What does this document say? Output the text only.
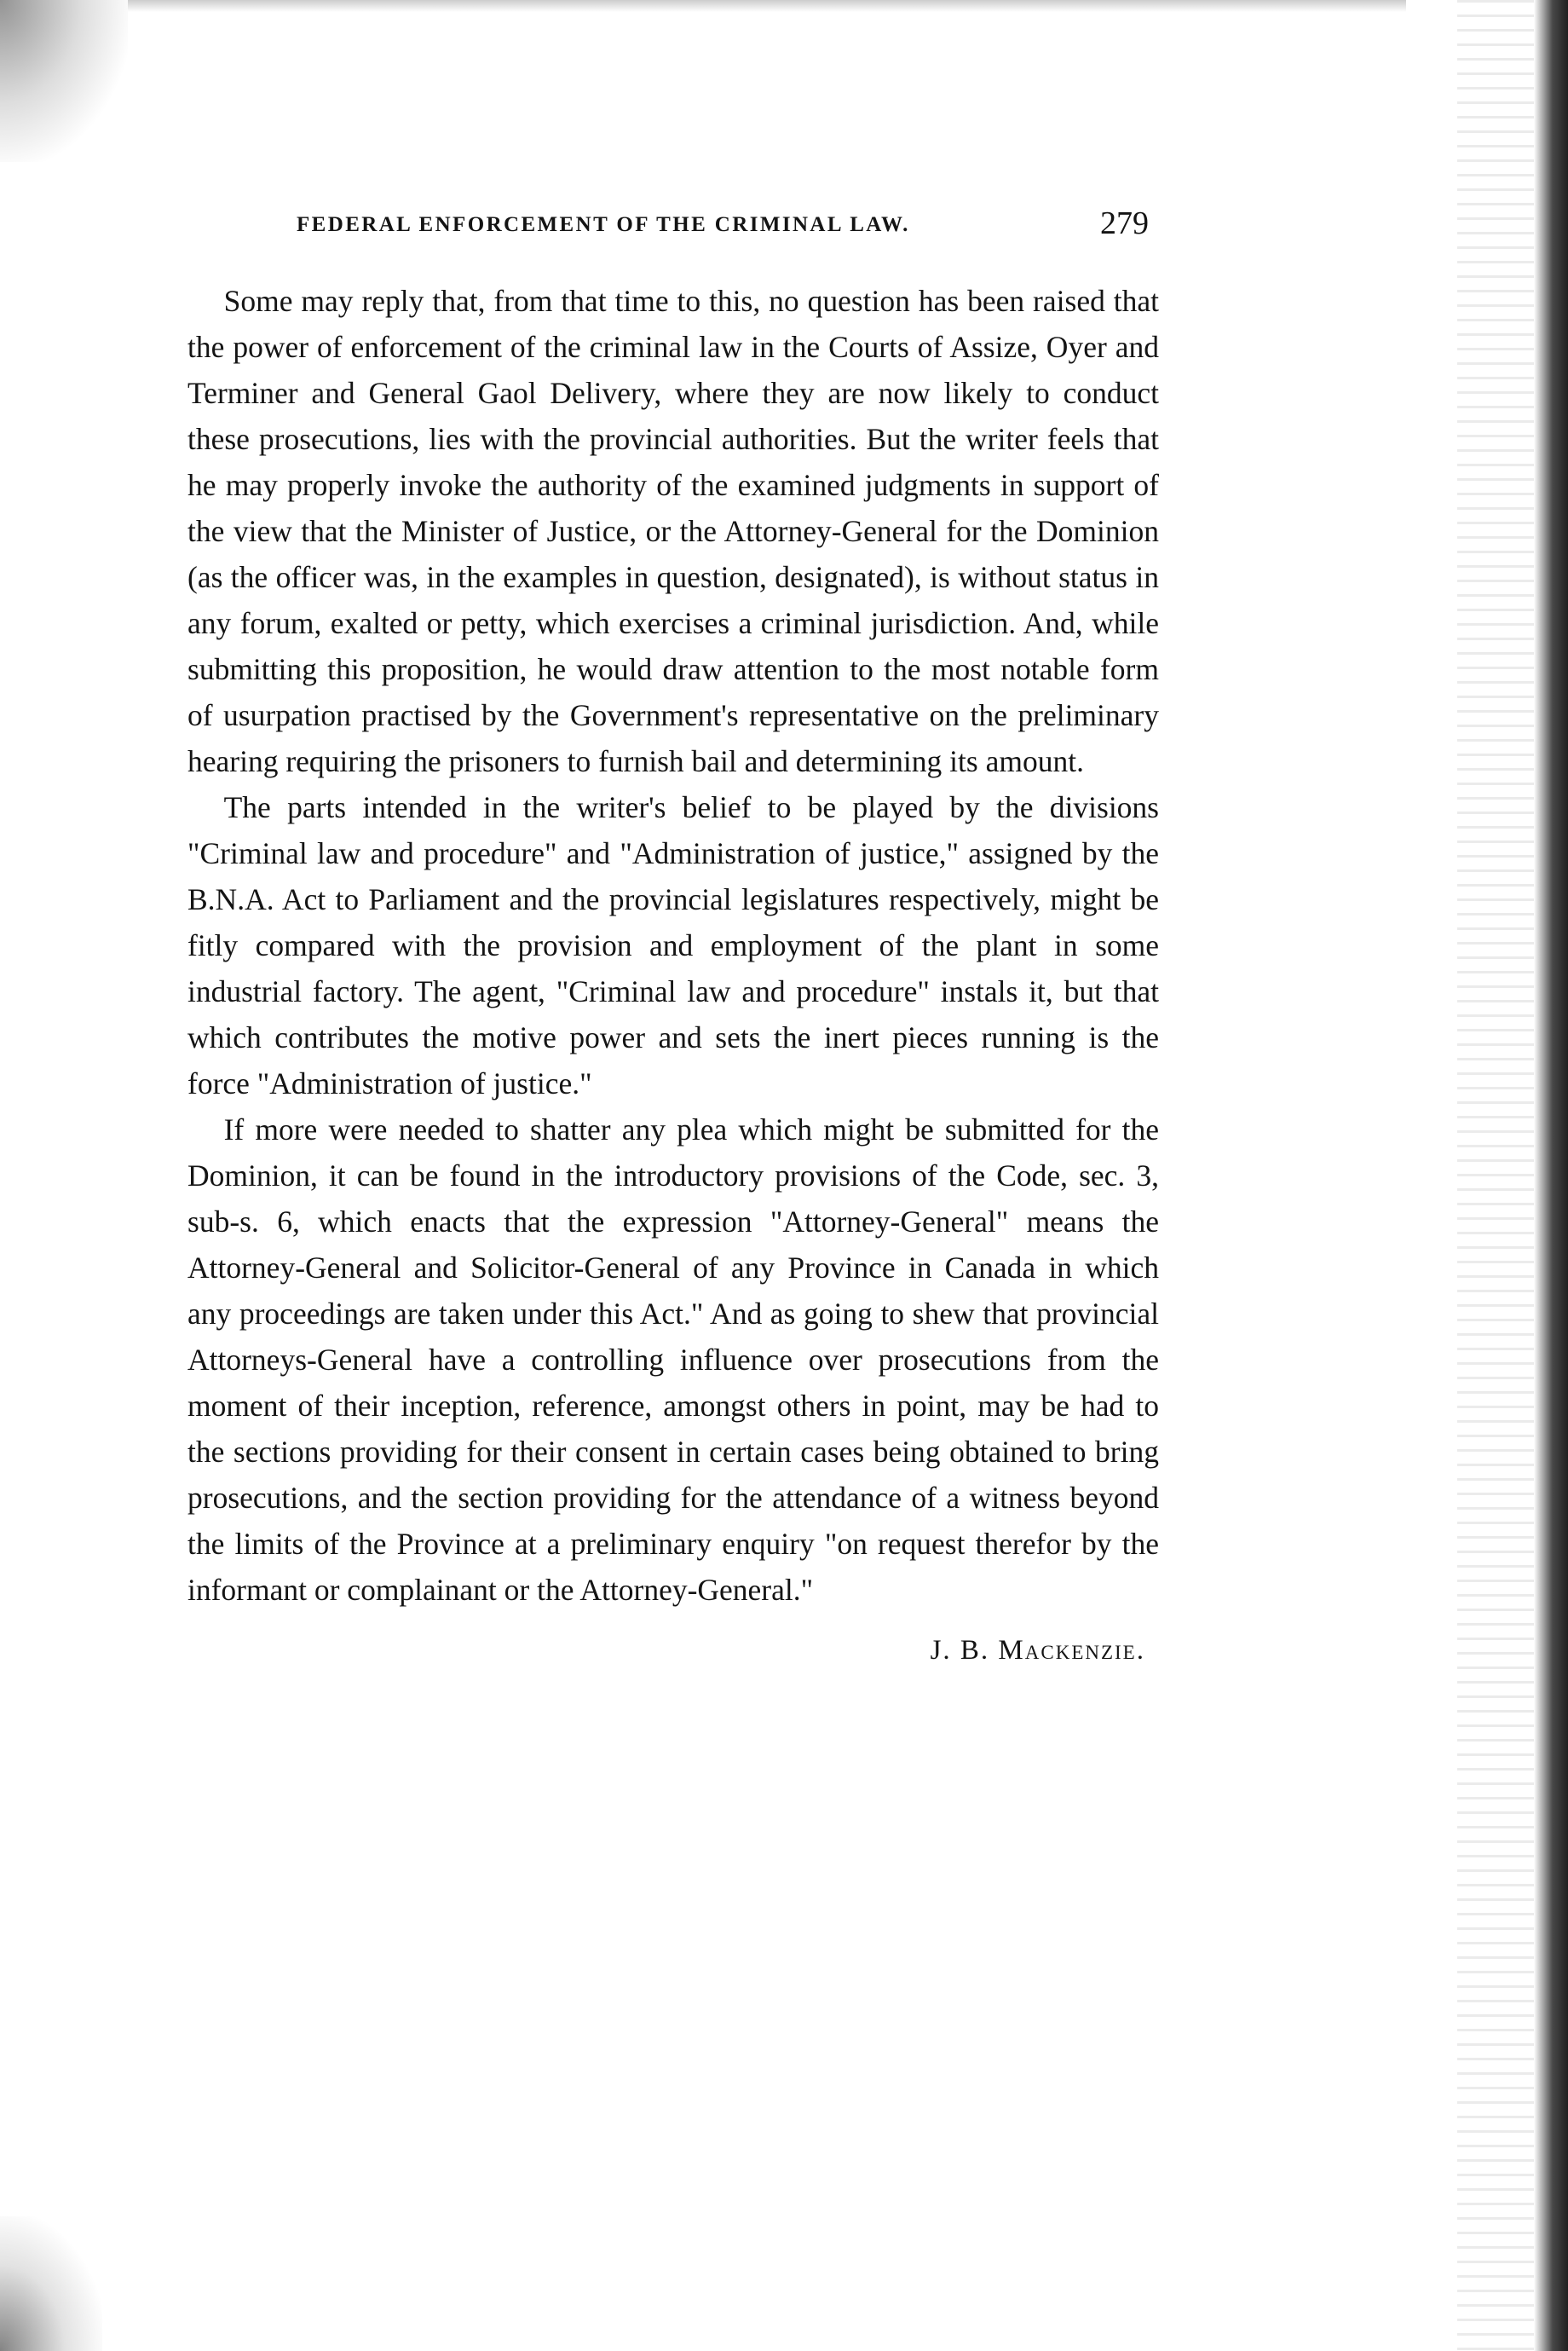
FEDERAL ENFORCEMENT OF THE CRIMINAL LAW.	279

Some may reply that, from that time to this, no question has been raised that the power of enforcement of the criminal law in the Courts of Assize, Oyer and Terminer and General Gaol Delivery, where they are now likely to conduct these prosecutions, lies with the provincial authorities. But the writer feels that he may properly invoke the authority of the examined judgments in support of the view that the Minister of Justice, or the Attorney-General for the Dominion (as the officer was, in the examples in question, designated), is without status in any forum, exalted or petty, which exercises a criminal jurisdiction. And, while submitting this proposition, he would draw attention to the most notable form of usurpation practised by the Government's representative on the preliminary hearing requiring the prisoners to furnish bail and determining its amount.

The parts intended in the writer's belief to be played by the divisions "Criminal law and procedure" and "Administration of justice," assigned by the B.N.A. Act to Parliament and the provincial legislatures respectively, might be fitly compared with the provision and employment of the plant in some industrial factory. The agent, "Criminal law and procedure" instals it, but that which contributes the motive power and sets the inert pieces running is the force "Administration of justice."

If more were needed to shatter any plea which might be submitted for the Dominion, it can be found in the introductory provisions of the Code, sec. 3, sub-s. 6, which enacts that the expression "Attorney-General" means the Attorney-General and Solicitor-General of any Province in Canada in which any proceedings are taken under this Act." And as going to shew that provincial Attorneys-General have a controlling influence over prosecutions from the moment of their inception, reference, amongst others in point, may be had to the sections providing for their consent in certain cases being obtained to bring prosecutions, and the section providing for the attendance of a witness beyond the limits of the Province at a preliminary enquiry "on request therefor by the informant or complainant or the Attorney-General."

J. B. Mackenzie.
